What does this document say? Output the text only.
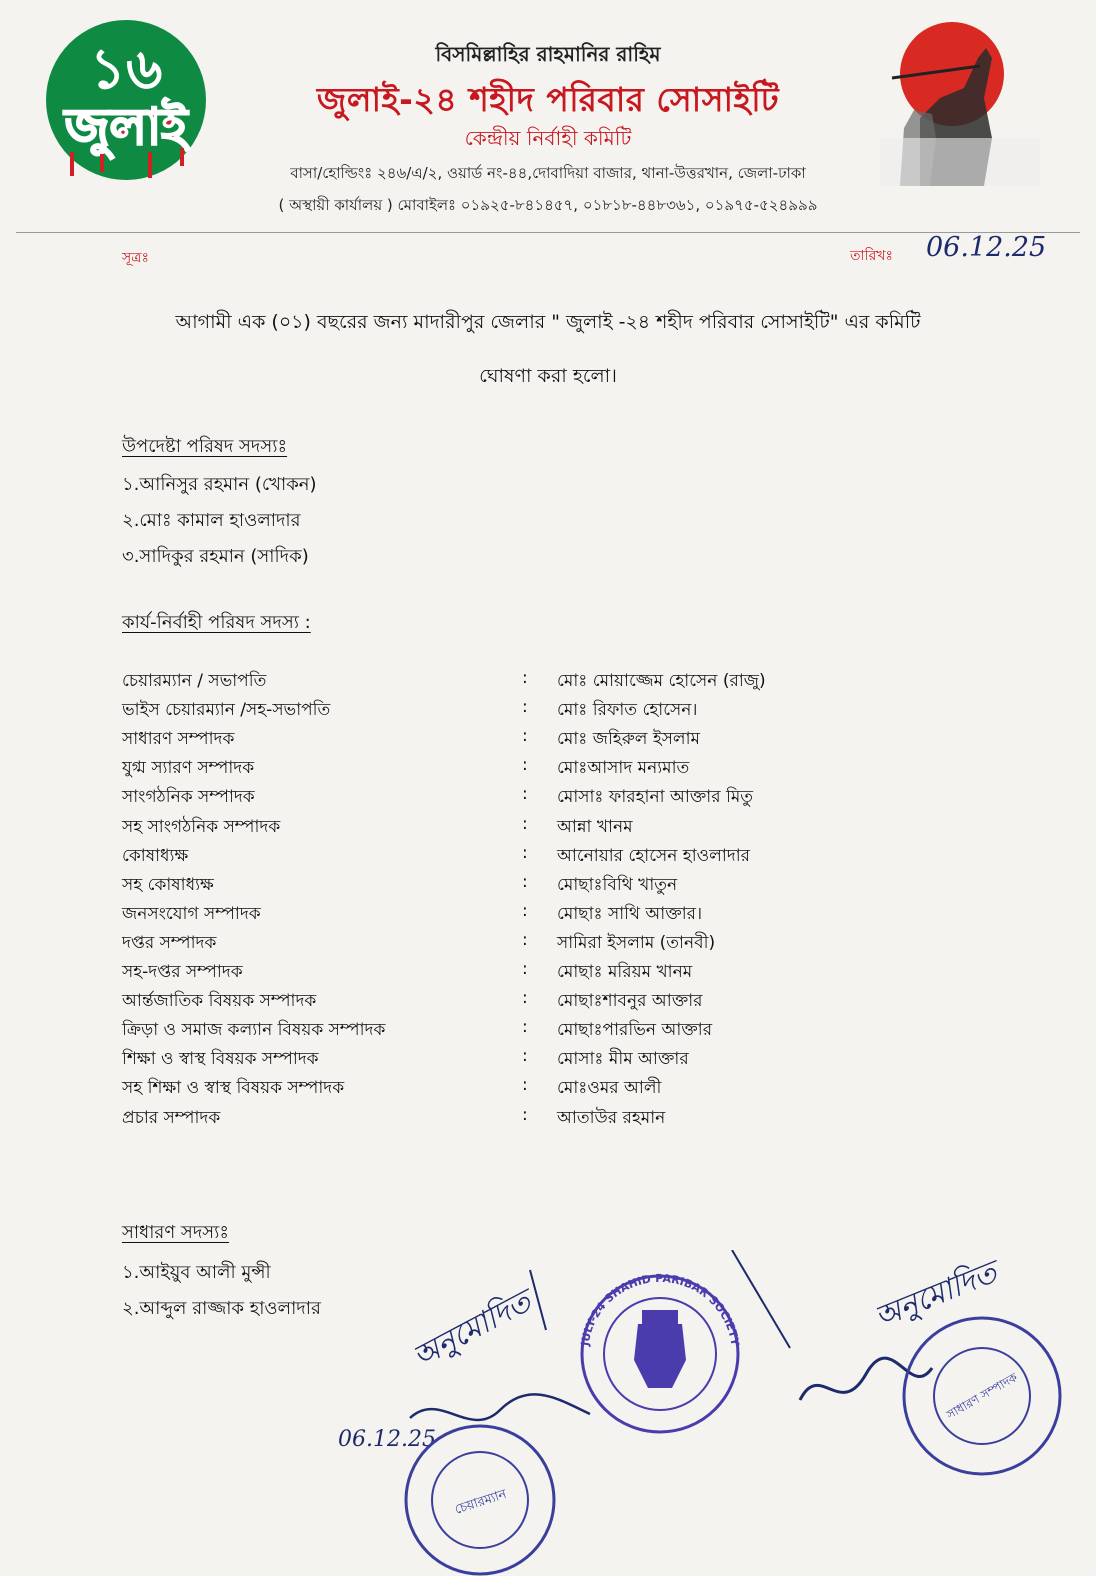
১৬
জুলাই
বিসমিল্লাহির রাহমানির রাহিম
জুলাই-২৪ শহীদ পরিবার সোসাইটি
কেন্দ্রীয় নির্বাহী কমিটি
বাসা/হোল্ডিংঃ ২৪৬/এ/২, ওয়ার্ড নং-৪৪,দোবাদিয়া বাজার, থানা-উত্তরখান, জেলা-ঢাকা
( অস্থায়ী কার্যালয় ) মোবাইলঃ ০১৯২৫-৮৪১৪৫৭, ০১৮১৮-৪৪৮৩৬১, ০১৯৭৫-৫২৪৯৯৯
সূত্রঃ	তারিখঃ 06.12.25
আগামী এক (০১) বছরের জন্য মাদারীপুর জেলার " জুলাই -২৪ শহীদ পরিবার সোসাইটি" এর কমিটি
ঘোষণা করা হলো।
উপদেষ্টা পরিষদ সদস্যঃ
১.আনিসুর রহমান (খোকন)
২.মোঃ কামাল হাওলাদার
৩.সাদিকুর রহমান (সাদিক)
কার্য-নির্বাহী পরিষদ সদস্য :
চেয়ারম্যান / সভাপতি	: মোঃ মোয়াজ্জেম হোসেন (রাজু)
ভাইস চেয়ারম্যান /সহ-সভাপতি	: মোঃ রিফাত হোসেন।
সাধারণ সম্পাদক	: মোঃ জহিরুল ইসলাম
যুগ্ম স্যারণ সম্পাদক	: মোঃআসাদ মন্যমাত
সাংগঠনিক সম্পাদক	: মোসাঃ ফারহানা আক্তার মিতু
সহ সাংগঠনিক সম্পাদক	: আন্না খানম
কোষাধ্যক্ষ	: আনোয়ার হোসেন হাওলাদার
সহ কোষাধ্যক্ষ	: মোছাঃবিথি খাতুন
জনসংযোগ সম্পাদক	: মোছাঃ সাথি আক্তার।
দপ্তর সম্পাদক	: সামিরা ইসলাম (তানবী)
সহ-দপ্তর সম্পাদক	: মোছাঃ মরিয়ম খানম
আর্ন্তজাতিক বিষয়ক সম্পাদক	: মোছাঃশাবনুর আক্তার
ক্রিড়া ও সমাজ কল্যান বিষয়ক সম্পাদক	: মোছাঃপারভিন আক্তার
শিক্ষা ও স্বাস্থ বিষয়ক সম্পাদক	: মোসাঃ মীম আক্তার
সহ শিক্ষা ও স্বাস্থ বিষয়ক সম্পাদক	: মোঃওমর আলী
প্রচার সম্পাদক	: আতাউর রহমান
সাধারণ সদস্যঃ
১.আইয়ুব আলী মুন্সী
২.আব্দুল রাজ্জাক হাওলাদার	অনুমোদিত
06.12.25
অনুমোদিত
JULY-24 SHAHID PARIBAR SOCIETY
চেয়ারম্যান
সাধারণ সম্পাদক
